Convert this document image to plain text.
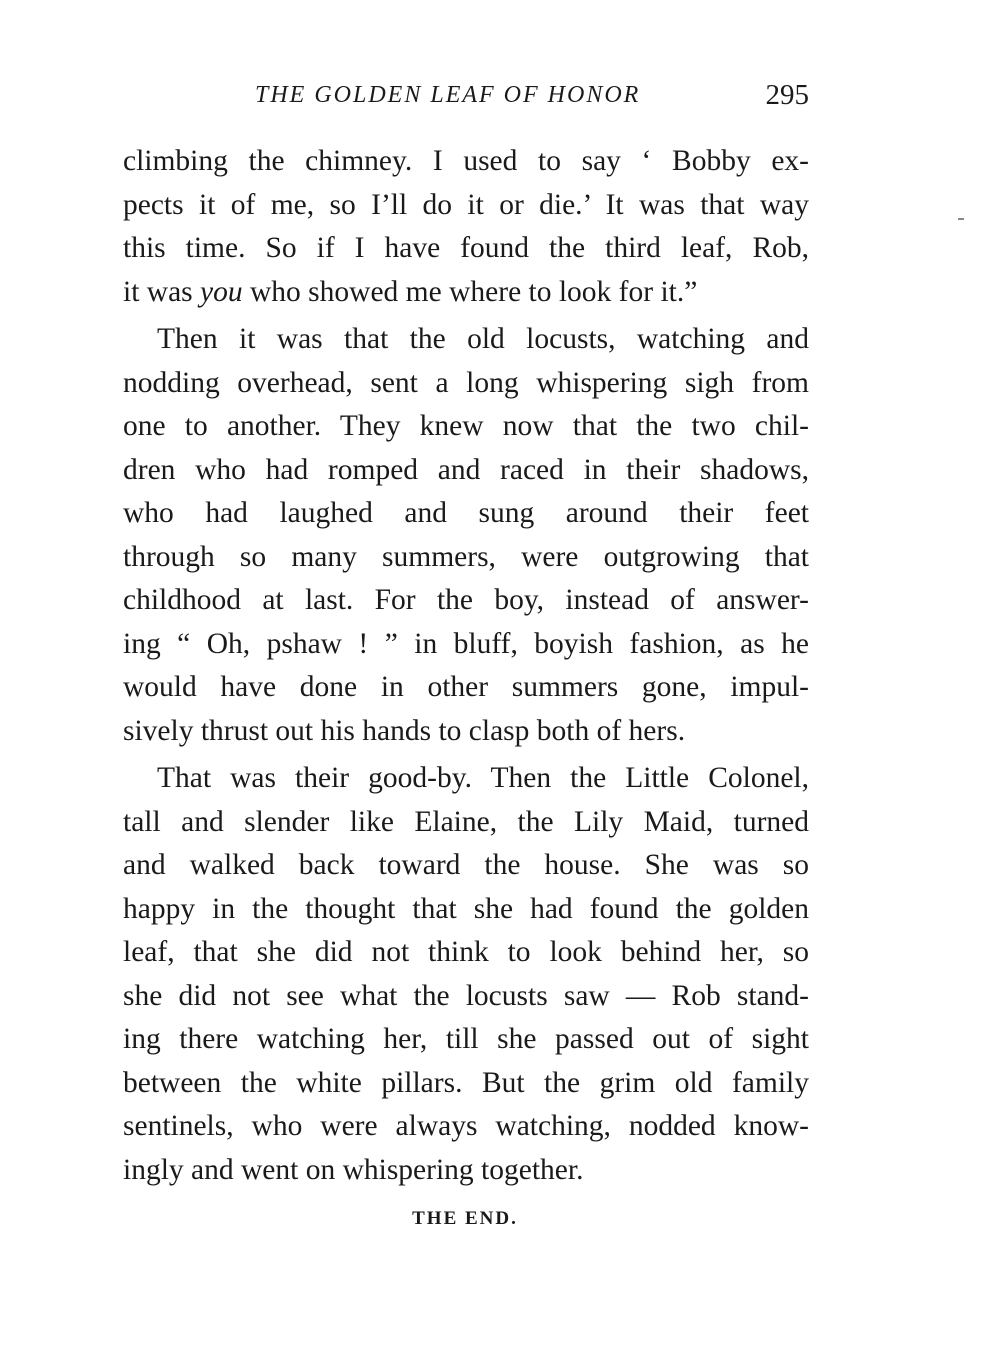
THE GOLDEN LEAF OF HONOR	295

climbing the chimney. I used to say ‘ Bobby ex-
pects it of me, so I’ll do it or die.’ It was that way
this time. So if I have found the third leaf, Rob,
it was you who showed me where to look for it.”

Then it was that the old locusts, watching and
nodding overhead, sent a long whispering sigh from
one to another. They knew now that the two chil-
dren who had romped and raced in their shadows,
who had laughed and sung around their feet
through so many summers, were outgrowing that
childhood at last. For the boy, instead of answer-
ing “ Oh, pshaw ! ” in bluff, boyish fashion, as he
would have done in other summers gone, impul-
sively thrust out his hands to clasp both of hers.

That was their good-by. Then the Little Colonel,
tall and slender like Elaine, the Lily Maid, turned
and walked back toward the house. She was so
happy in the thought that she had found the golden
leaf, that she did not think to look behind her, so
she did not see what the locusts saw — Rob stand-
ing there watching her, till she passed out of sight
between the white pillars. But the grim old family
sentinels, who were always watching, nodded know-
ingly and went on whispering together.

THE END.
